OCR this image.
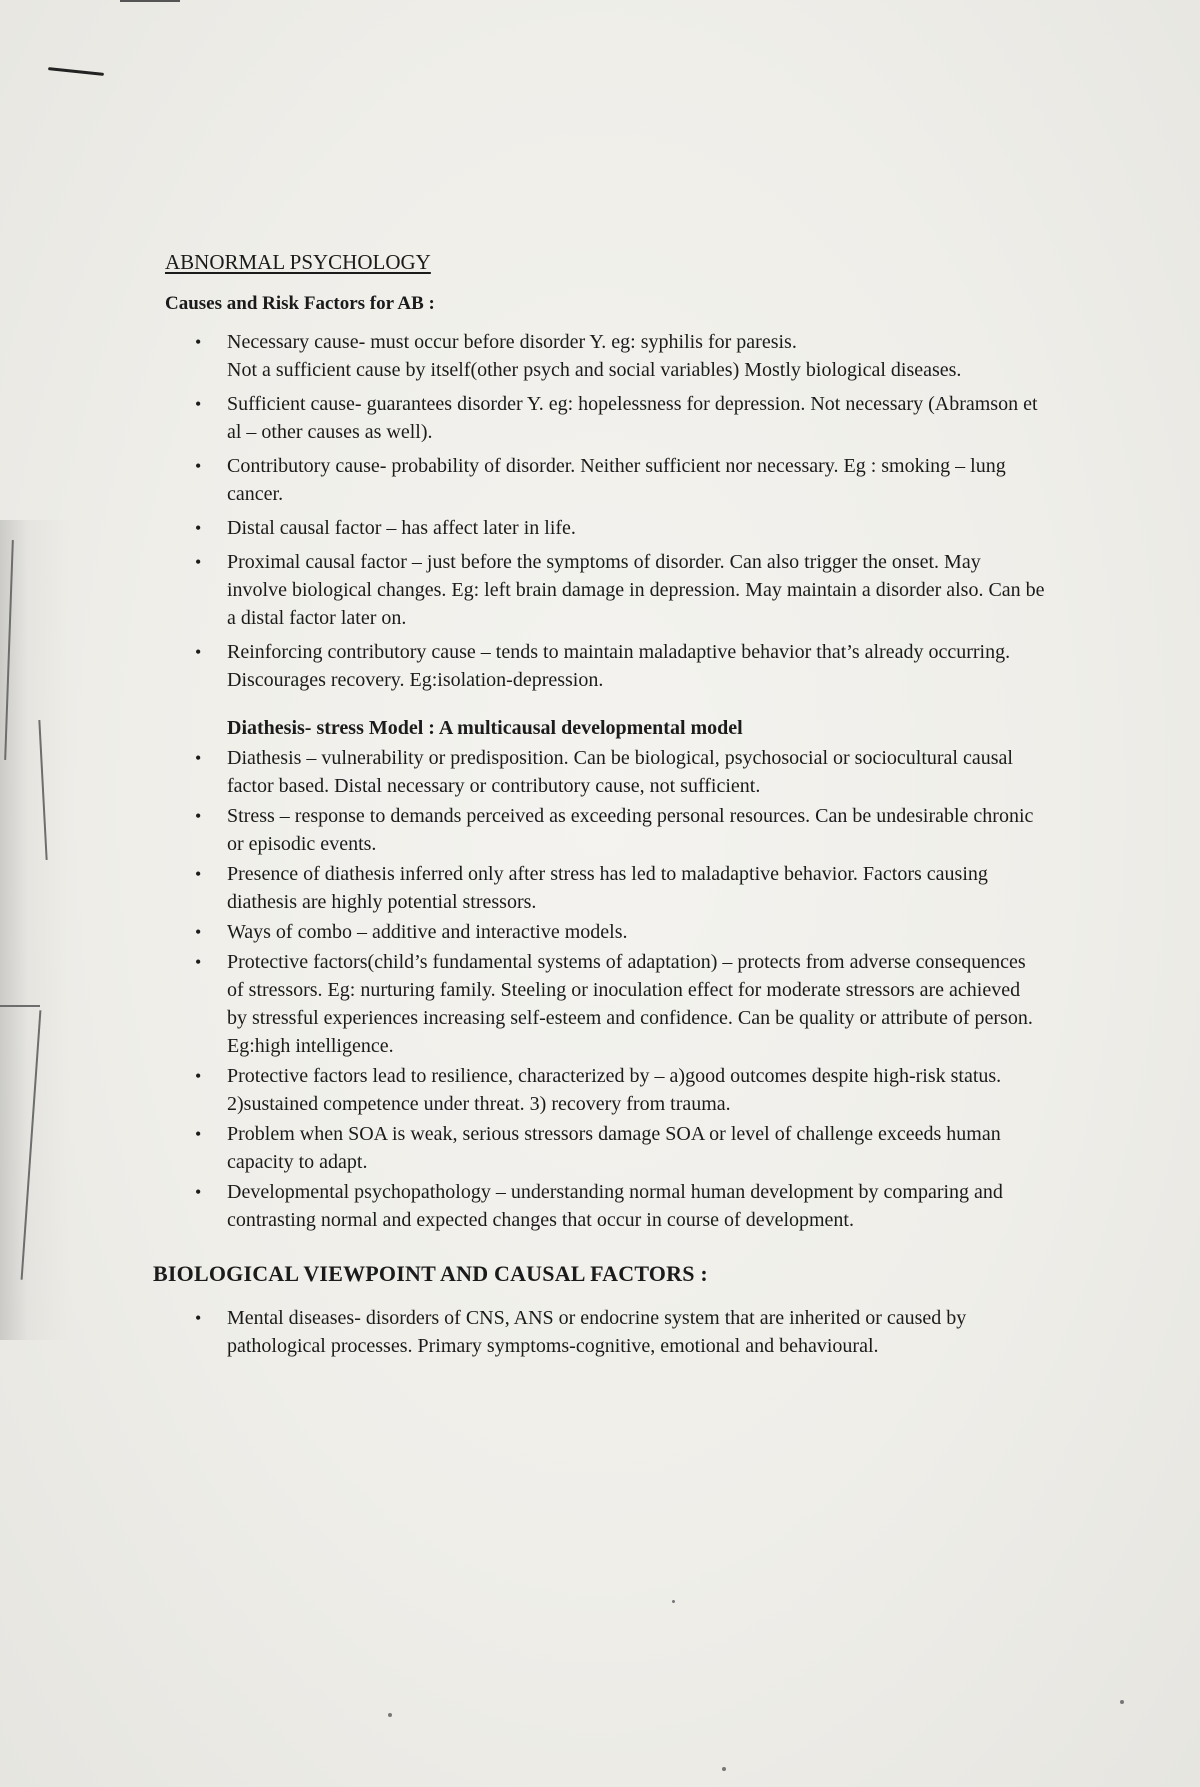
ABNORMAL PSYCHOLOGY
Causes and Risk Factors for AB :
• Necessary cause- must occur before disorder Y. eg: syphilis for paresis.
Not a sufficient cause by itself(other psych and social variables) Mostly biological diseases.
• Sufficient cause- guarantees disorder Y. eg: hopelessness for depression. Not necessary (Abramson et al – other causes as well).
• Contributory cause- probability of disorder. Neither sufficient nor necessary. Eg : smoking – lung cancer.
• Distal causal factor – has affect later in life.
• Proximal causal factor – just before the symptoms of disorder. Can also trigger the onset. May involve biological changes. Eg: left brain damage in depression. May maintain a disorder also. Can be a distal factor later on.
• Reinforcing contributory cause – tends to maintain maladaptive behavior that’s already occurring. Discourages recovery. Eg:isolation-depression.
Diathesis- stress Model : A multicausal developmental model
• Diathesis – vulnerability or predisposition. Can be biological, psychosocial or sociocultural causal factor based. Distal necessary or contributory cause, not sufficient.
• Stress – response to demands perceived as exceeding personal resources. Can be undesirable chronic or episodic events.
• Presence of diathesis inferred only after stress has led to maladaptive behavior. Factors causing diathesis are highly potential stressors.
• Ways of combo – additive and interactive models.
• Protective factors(child’s fundamental systems of adaptation) – protects from adverse consequences of stressors. Eg: nurturing family. Steeling or inoculation effect for moderate stressors are achieved by stressful experiences increasing self-esteem and confidence. Can be quality or attribute of person. Eg:high intelligence.
• Protective factors lead to resilience, characterized by – a)good outcomes despite high-risk status. 2)sustained competence under threat. 3) recovery from trauma.
• Problem when SOA is weak, serious stressors damage SOA or level of challenge exceeds human capacity to adapt.
• Developmental psychopathology – understanding normal human development by comparing and contrasting normal and expected changes that occur in course of development.
BIOLOGICAL VIEWPOINT AND CAUSAL FACTORS :
• Mental diseases- disorders of CNS, ANS or endocrine system that are inherited or caused by pathological processes. Primary symptoms-cognitive, emotional and behavioural.
